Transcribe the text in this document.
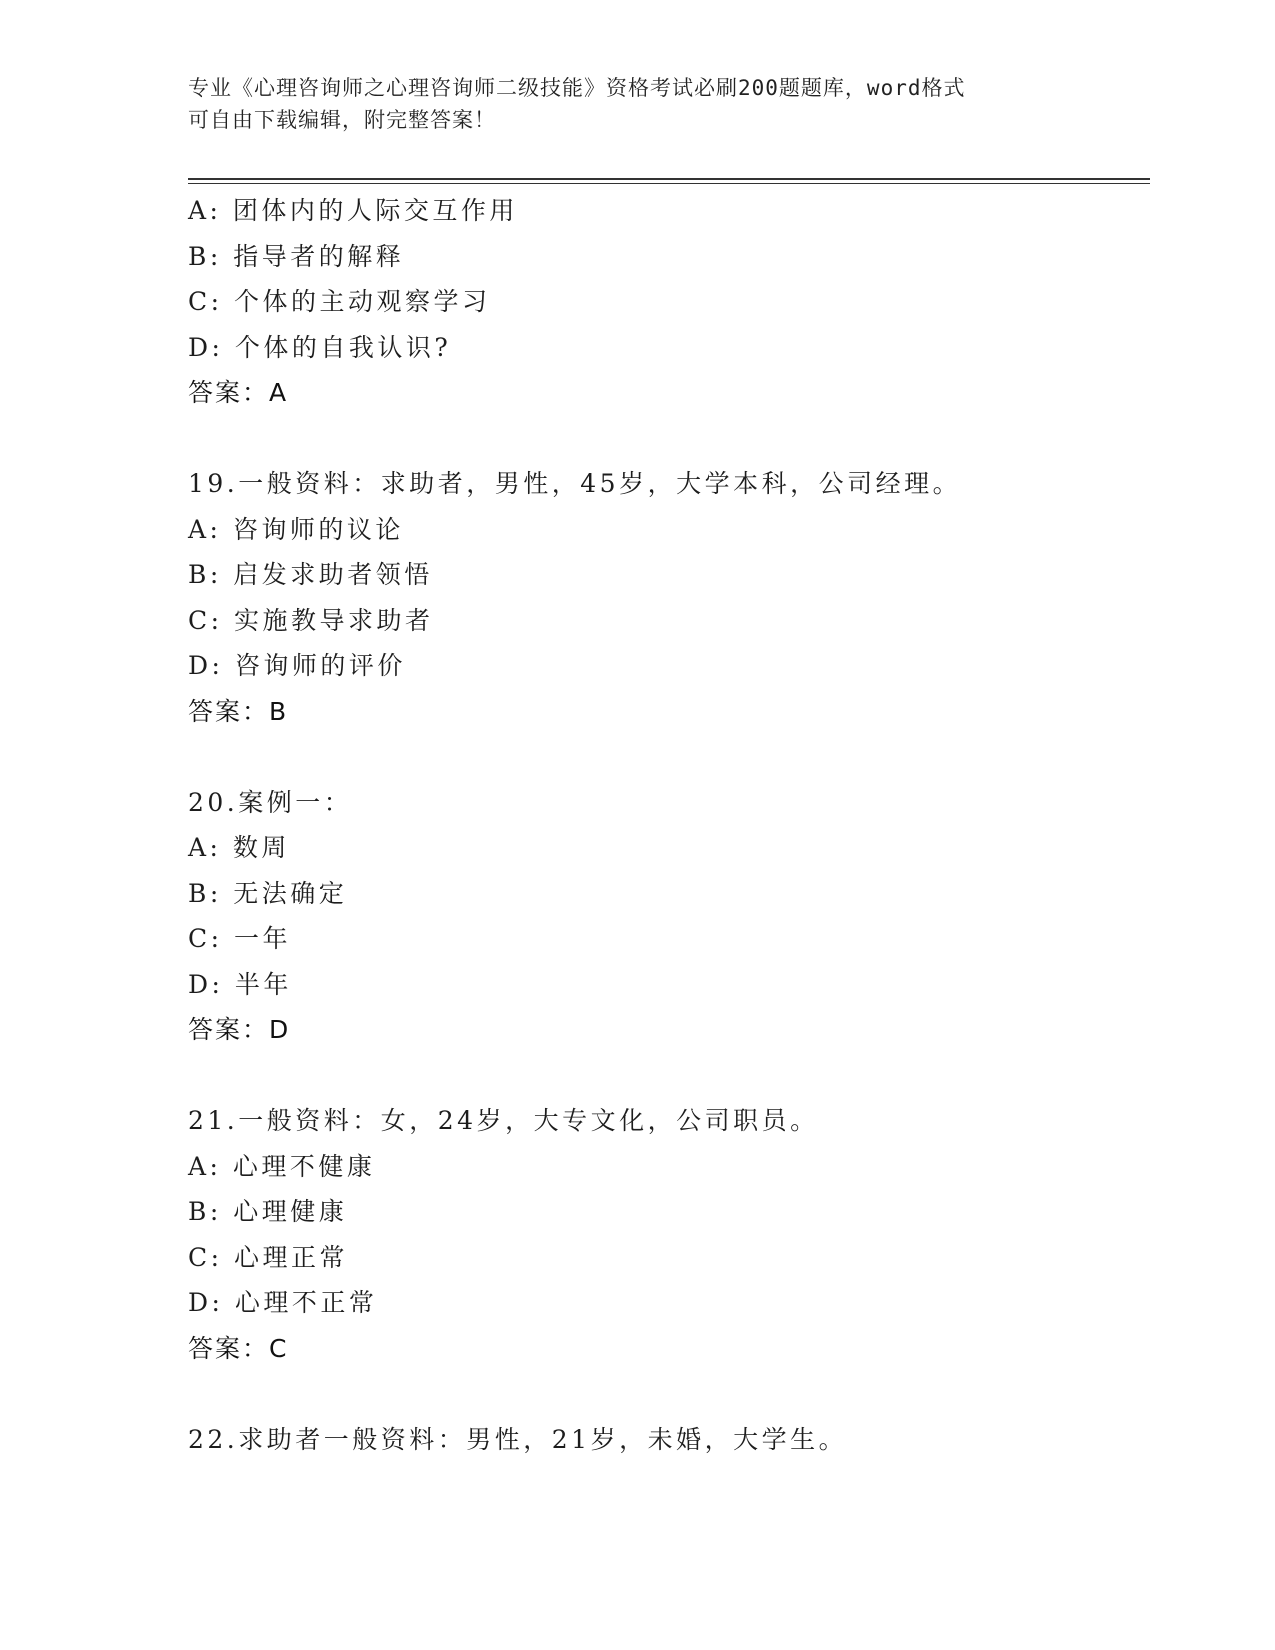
专业《心理咨询师之心理咨询师二级技能》资格考试必刷200题题库，word格式
可自由下载编辑，附完整答案！
A: 团体内的人际交互作用
B: 指导者的解释
C: 个体的主动观察学习
D: 个体的自我认识?
答案：A
19.一般资料：求助者，男性，45岁，大学本科，公司经理。
A: 咨询师的议论
B: 启发求助者领悟
C: 实施教导求助者
D: 咨询师的评价
答案：B
20.案例一：
A: 数周
B: 无法确定
C: 一年
D: 半年
答案：D
21.一般资料：女，24岁，大专文化，公司职员。
A: 心理不健康
B: 心理健康
C: 心理正常
D: 心理不正常
答案：C
22.求助者一般资料：男性，21岁，未婚，大学生。
